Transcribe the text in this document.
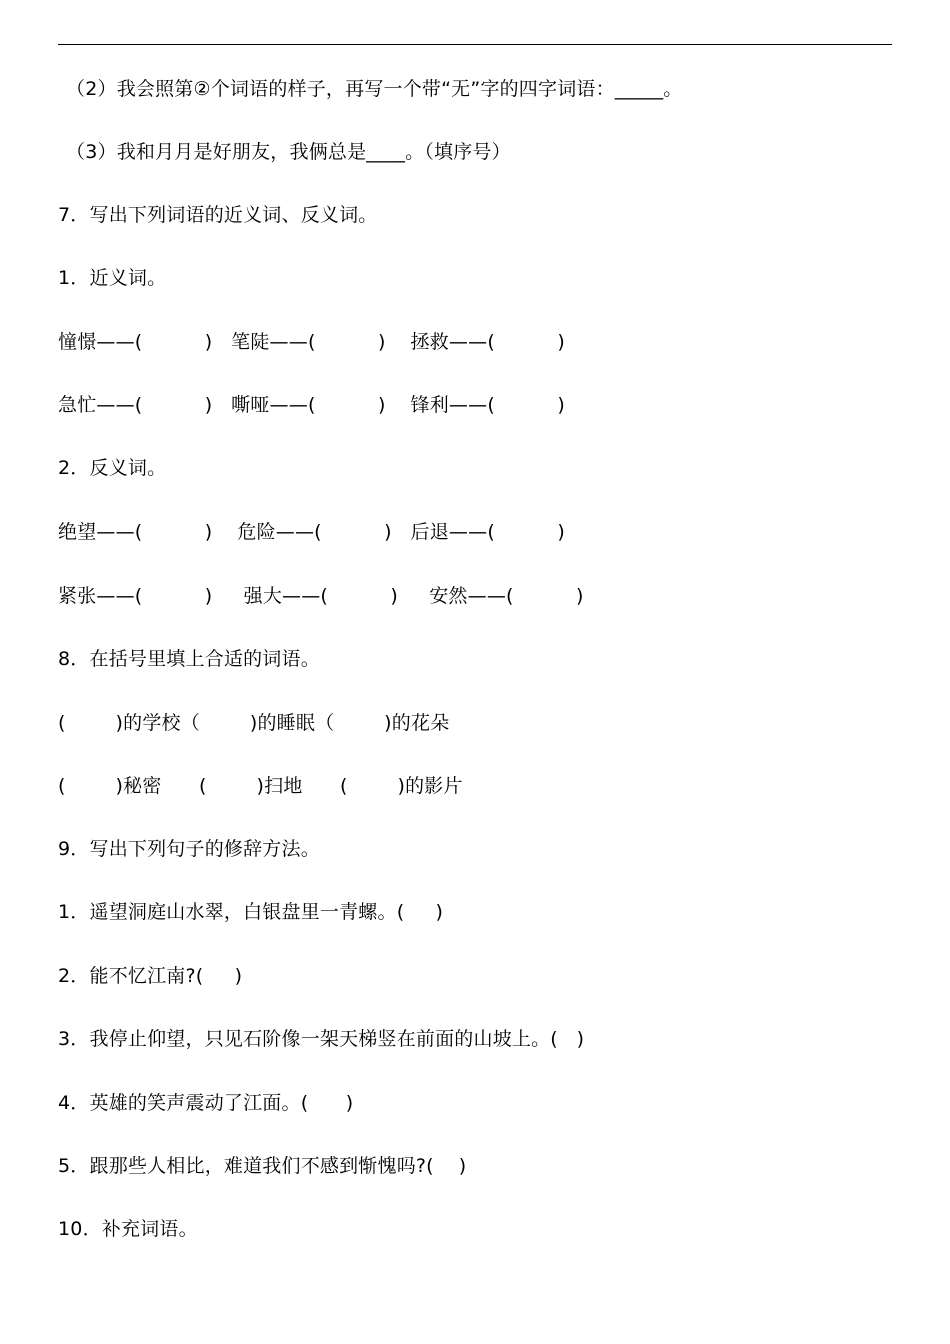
（2）我会照第②个词语的样子，再写一个带“无”字的四字词语：_____。
（3）我和月月是好朋友，我俩总是____。（填序号）
7．写出下列词语的近义词、反义词。
1．近义词。
憧憬——(          )   笔陡——(          )    拯救——(          )
急忙——(          )   嘶哑——(          )    锋利——(          )
2．反义词。
绝望——(          )    危险——(          )   后退——(          )
紧张——(          )     强大——(          )     安然——(          )
8．在括号里填上合适的词语。
(        )的学校（        )的睡眠（        )的花朵
(        )秘密      (        )扫地      (        )的影片
9．写出下列句子的修辞方法。
1．遥望洞庭山水翠，白银盘里一青螺。(     )
2．能不忆江南?(     )
3．我停止仰望，只见石阶像一架天梯竖在前面的山坡上。(   )
4．英雄的笑声震动了江面。(      )
5．跟那些人相比，难道我们不感到惭愧吗?(    )
10．补充词语。
